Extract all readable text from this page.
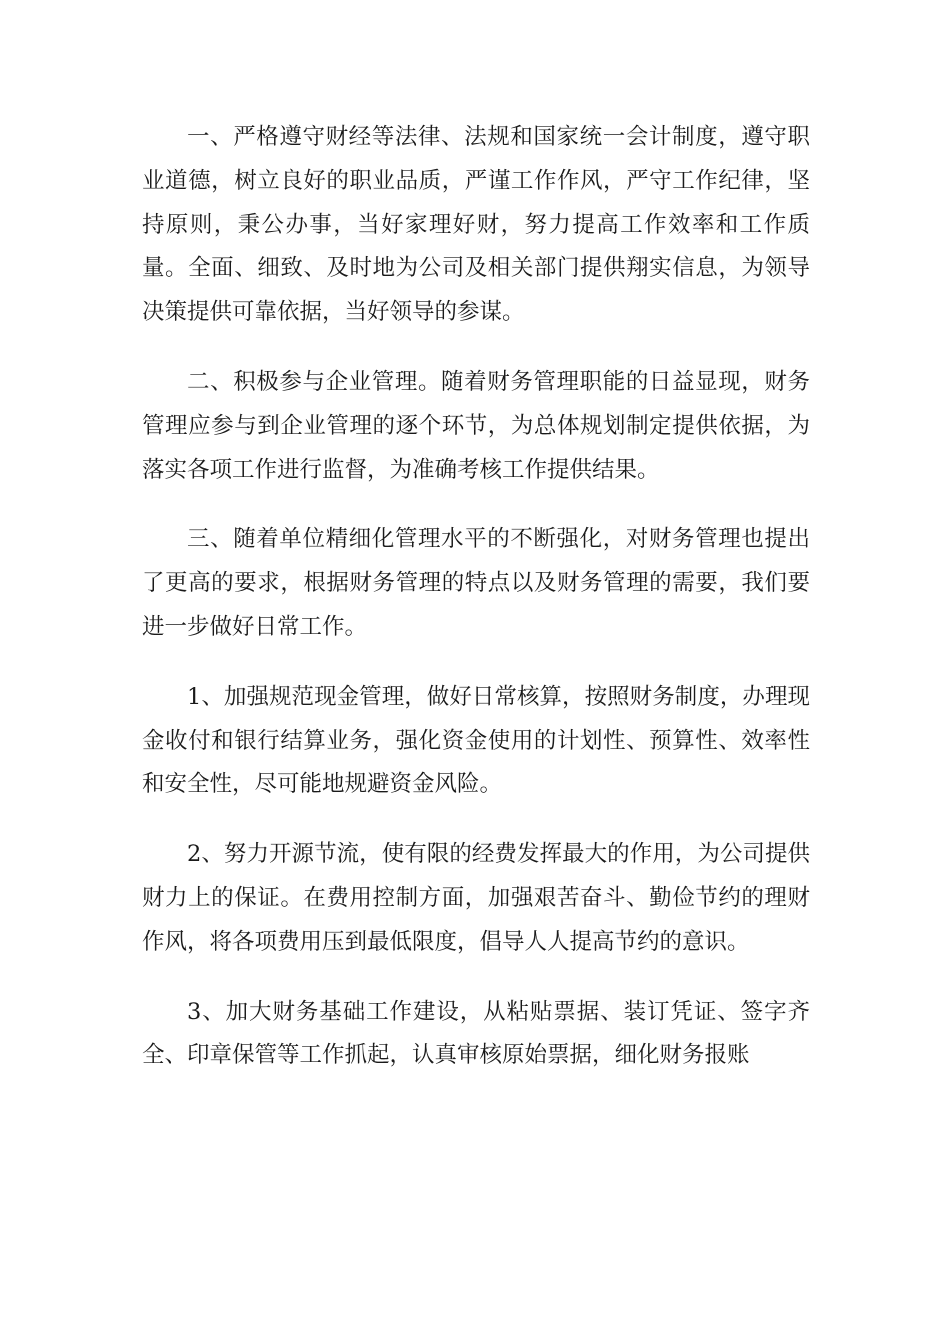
一、严格遵守财经等法律、法规和国家统一会计制度，遵守职业道德，树立良好的职业品质，严谨工作作风，严守工作纪律，坚持原则，秉公办事，当好家理好财，努力提高工作效率和工作质量。全面、细致、及时地为公司及相关部门提供翔实信息，为领导决策提供可靠依据，当好领导的参谋。

二、积极参与企业管理。随着财务管理职能的日益显现，财务管理应参与到企业管理的逐个环节，为总体规划制定提供依据，为落实各项工作进行监督，为准确考核工作提供结果。

三、随着单位精细化管理水平的不断强化，对财务管理也提出了更高的要求，根据财务管理的特点以及财务管理的需要，我们要进一步做好日常工作。

1、加强规范现金管理，做好日常核算，按照财务制度，办理现金收付和银行结算业务，强化资金使用的计划性、预算性、效率性和安全性，尽可能地规避资金风险。

2、努力开源节流，使有限的经费发挥最大的作用，为公司提供财力上的保证。在费用控制方面，加强艰苦奋斗、勤俭节约的理财作风，将各项费用压到最低限度，倡导人人提高节约的意识。

3、加大财务基础工作建设，从粘贴票据、装订凭证、签字齐全、印章保管等工作抓起，认真审核原始票据，细化财务报账
